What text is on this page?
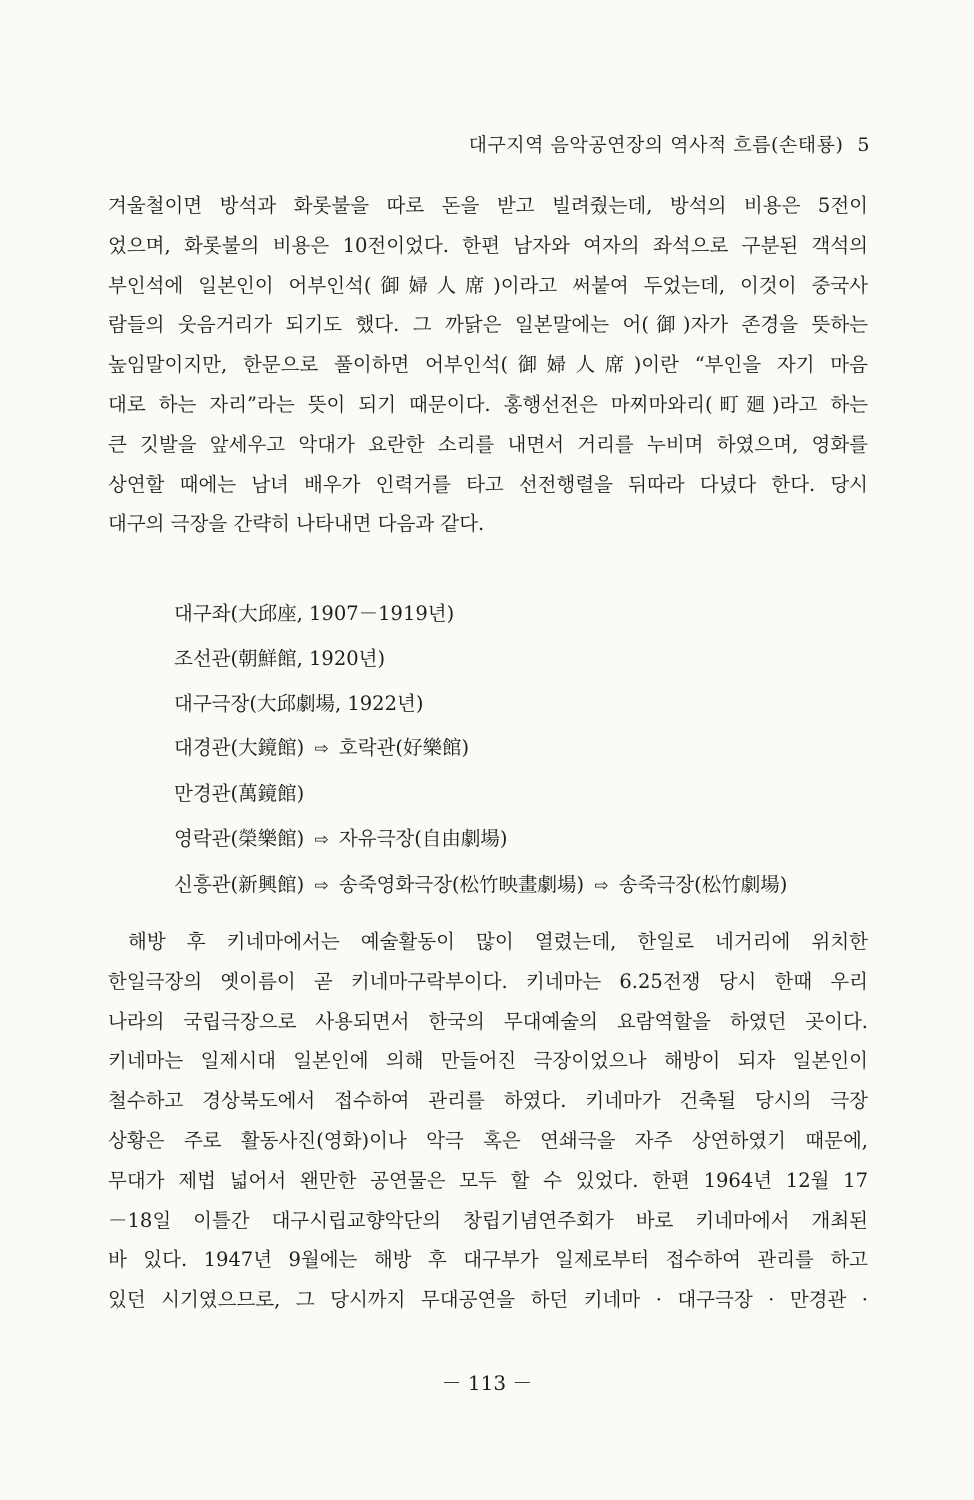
대구지역 음악공연장의 역사적 흐름(손태룡) 5
겨울철이면 방석과 화롯불을 따로 돈을 받고 빌려줬는데, 방석의 비용은 5전이
었으며, 화롯불의 비용은 10전이었다. 한편 남자와 여자의 좌석으로 구분된 객석의
부인석에 일본인이 어부인석(御婦人席)이라고 써붙여 두었는데, 이것이 중국사
람들의 웃음거리가 되기도 했다. 그 까닭은 일본말에는 어(御)자가 존경을 뜻하는
높임말이지만, 한문으로 풀이하면 어부인석(御婦人席)이란 “부인을 자기 마음
대로 하는 자리”라는 뜻이 되기 때문이다. 홍행선전은 마찌마와리(町廻)라고 하는
큰 깃발을 앞세우고 악대가 요란한 소리를 내면서 거리를 누비며 하였으며, 영화를
상연할 때에는 남녀 배우가 인력거를 타고 선전행렬을 뒤따라 다녔다 한다. 당시
대구의 극장을 간략히 나타내면 다음과 같다.
대구좌(大邱座, 1907－1919년)
조선관(朝鮮館, 1920년)
대구극장(大邱劇場, 1922년)
대경관(大鏡館) ⇨ 호락관(好樂館)
만경관(萬鏡館)
영락관(榮樂館) ⇨ 자유극장(自由劇場)
신흥관(新興館) ⇨ 송죽영화극장(松竹映畫劇場) ⇨ 송죽극장(松竹劇場)
해방 후 키네마에서는 예술활동이 많이 열렸는데, 한일로 네거리에 위치한
한일극장의 옛이름이 곧 키네마구락부이다. 키네마는 6.25전쟁 당시 한때 우리
나라의 국립극장으로 사용되면서 한국의 무대예술의 요람역할을 하였던 곳이다.
키네마는 일제시대 일본인에 의해 만들어진 극장이었으나 해방이 되자 일본인이
철수하고 경상북도에서 접수하여 관리를 하였다. 키네마가 건축될 당시의 극장
상황은 주로 활동사진(영화)이나 악극 혹은 연쇄극을 자주 상연하였기 때문에,
무대가 제법 넓어서 왠만한 공연물은 모두 할 수 있었다. 한편 1964년 12월 17
－18일 이틀간 대구시립교향악단의 창립기념연주회가 바로 키네마에서 개최된
바 있다. 1947년 9월에는 해방 후 대구부가 일제로부터 접수하여 관리를 하고
있던 시기였으므로, 그 당시까지 무대공연을 하던 키네마 · 대구극장 · 만경관 ·
－ 113 －
